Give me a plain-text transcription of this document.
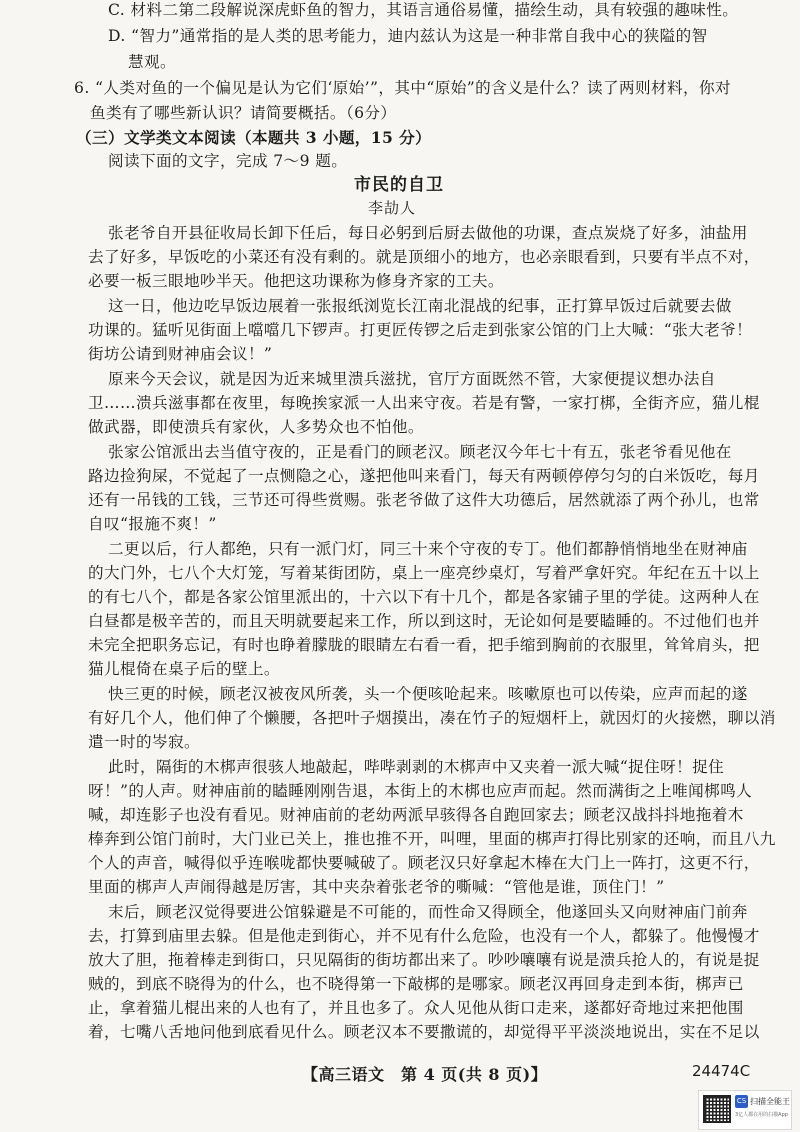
C. 材料二第二段解说深虎虾鱼的智力，其语言通俗易懂，描绘生动，具有较强的趣味性。
D. “智力”通常指的是人类的思考能力，迪内兹认为这是一种非常自我中心的狭隘的智
慧观。
6. “人类对鱼的一个偏见是认为它们‘原始’”，其中“原始”的含义是什么？读了两则材料，你对
鱼类有了哪些新认识？请简要概括。（6分）
（三）文学类文本阅读（本题共 3 小题，15 分）
阅读下面的文字，完成 7～9 题。
市民的自卫
李劼人
张老爷自开县征收局长卸下任后，每日必躬到后厨去做他的功课，查点炭烧了好多，油盐用
去了好多，早饭吃的小菜还有没有剩的。就是顶细小的地方，也必亲眼看到，只要有半点不对，
必要一板三眼地吵半天。他把这功课称为修身齐家的工夫。
这一日，他边吃早饭边展着一张报纸浏览长江南北混战的纪事，正打算早饭过后就要去做
功课的。猛听见街面上噹噹几下锣声。打更匠传锣之后走到张家公馆的门上大喊：“张大老爷！
街坊公请到财神庙会议！”
原来今天会议，就是因为近来城里溃兵滋扰，官厅方面既然不管，大家便提议想办法自
卫……溃兵滋事都在夜里，每晚挨家派一人出来守夜。若是有警，一家打梆，全街齐应，猫儿棍
做武器，即使溃兵有家伙，人多势众也不怕他。
张家公馆派出去当值守夜的，正是看门的顾老汉。顾老汉今年七十有五，张老爷看见他在
路边捡狗屎，不觉起了一点恻隐之心，遂把他叫来看门，每天有两顿停停匀匀的白米饭吃，每月
还有一吊钱的工钱，三节还可得些赏赐。张老爷做了这件大功德后，居然就添了两个孙儿，也常
自叹“报施不爽！”
二更以后，行人都绝，只有一派门灯，同三十来个守夜的专丁。他们都静悄悄地坐在财神庙
的大门外，七八个大灯笼，写着某街团防，桌上一座亮纱桌灯，写着严拿奸究。年纪在五十以上
的有七八个，都是各家公馆里派出的，十六以下有十几个，都是各家铺子里的学徒。这两种人在
白昼都是极辛苦的，而且天明就要起来工作，所以到这时，无论如何是要瞌睡的。不过他们也并
未完全把职务忘记，有时也睁着朦胧的眼睛左右看一看，把手缩到胸前的衣服里，耸耸肩头，把
猫儿棍倚在桌子后的壁上。
快三更的时候，顾老汉被夜风所袭，头一个便咳呛起来。咳嗽原也可以传染，应声而起的遂
有好几个人，他们伸了个懒腰，各把叶子烟摸出，凑在竹子的短烟杆上，就因灯的火接燃，聊以消
遣一时的岑寂。
此时，隔街的木梆声很骇人地敲起，哔哔剥剥的木梆声中又夹着一派大喊“捉住呀！捉住
呀！”的人声。财神庙前的瞌睡刚刚告退，本街上的木梆也应声而起。然而满街之上唯闻梆鸣人
喊，却连影子也没有看见。财神庙前的老幼两派早骇得各自跑回家去；顾老汉战抖抖地拖着木
棒奔到公馆门前时，大门业已关上，推也推不开，叫哩，里面的梆声打得比别家的还响，而且八九
个人的声音，喊得似乎连喉咙都快要喊破了。顾老汉只好拿起木棒在大门上一阵打，这更不行，
里面的梆声人声闹得越是厉害，其中夹杂着张老爷的嘶喊：“管他是谁，顶住门！”
末后，顾老汉觉得要进公馆躲避是不可能的，而性命又得顾全，他遂回头又向财神庙门前奔
去，打算到庙里去躲。但是他走到街心，并不见有什么危险，也没有一个人，都躲了。他慢慢才
放大了胆，拖着棒走到街口，只见隔街的街坊都出来了。吵吵嚷嚷有说是溃兵抢人的，有说是捉
贼的，到底不晓得为的什么，也不晓得第一下敲梆的是哪家。顾老汉再回身走到本街，梆声已
止，拿着猫儿棍出来的人也有了，并且也多了。众人见他从街口走来，遂都好奇地过来把他围
着，七嘴八舌地问他到底看见什么。顾老汉本不要撒谎的，却觉得平平淡淡地说出，实在不足以
【高三语文　第 4 页(共 8 页)】	24474C
CS 扫描全能王
3亿人都在用的扫描App
